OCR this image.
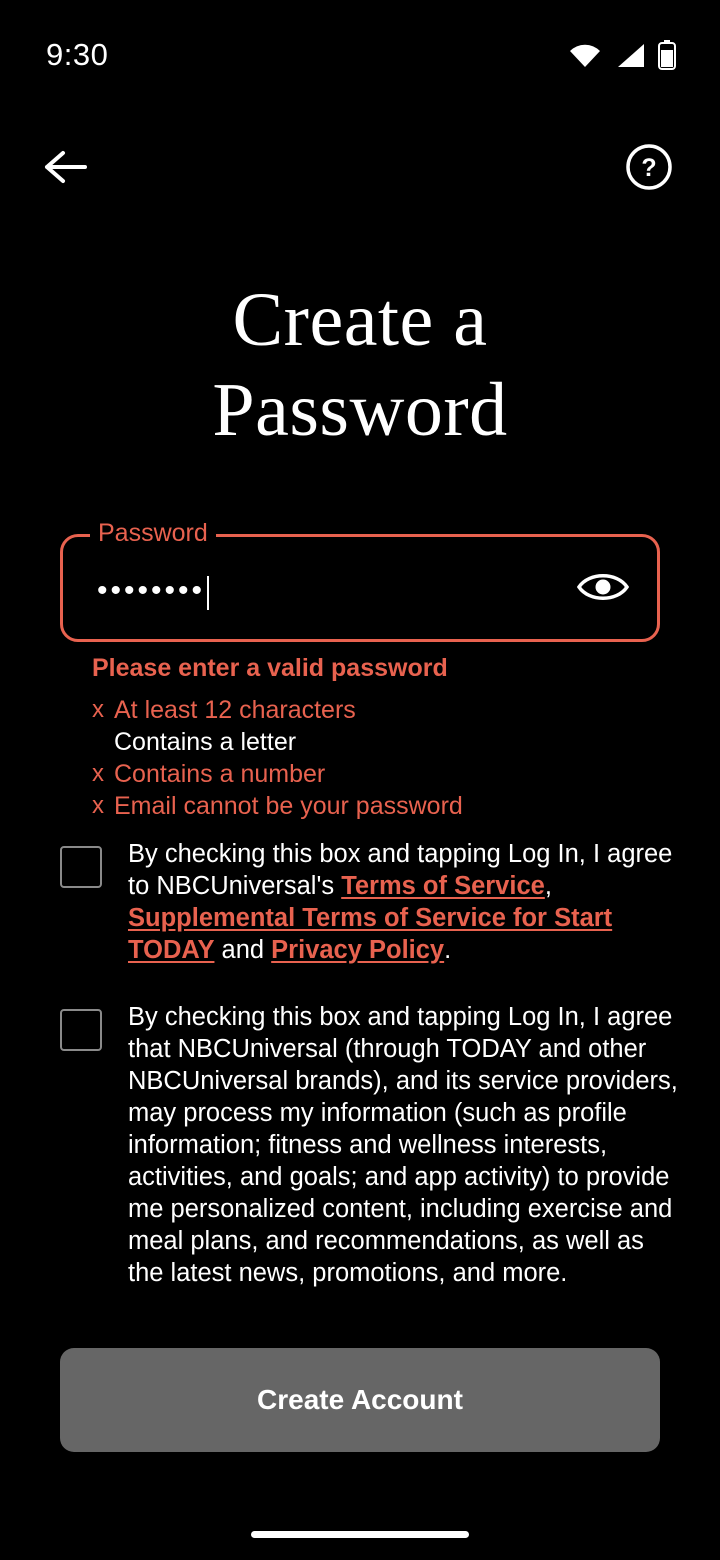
9:30
?
Create a
Password
••••••••
Password
Please enter a valid password
x At least 12 characters
Contains a letter
x Contains a number
x Email cannot be your password
By checking this box and tapping Log In, I agree to NBCUniversal's Terms of Service, Supplemental Terms of Service for Start TODAY and Privacy Policy.
By checking this box and tapping Log In, I agree that NBCUniversal (through TODAY and other NBCUniversal brands), and its service providers, may process my information (such as profile information; fitness and wellness interests, activities, and goals; and app activity) to provide me personalized content, including exercise and meal plans, and recommendations, as well as the latest news, promotions, and more.
Create Account
